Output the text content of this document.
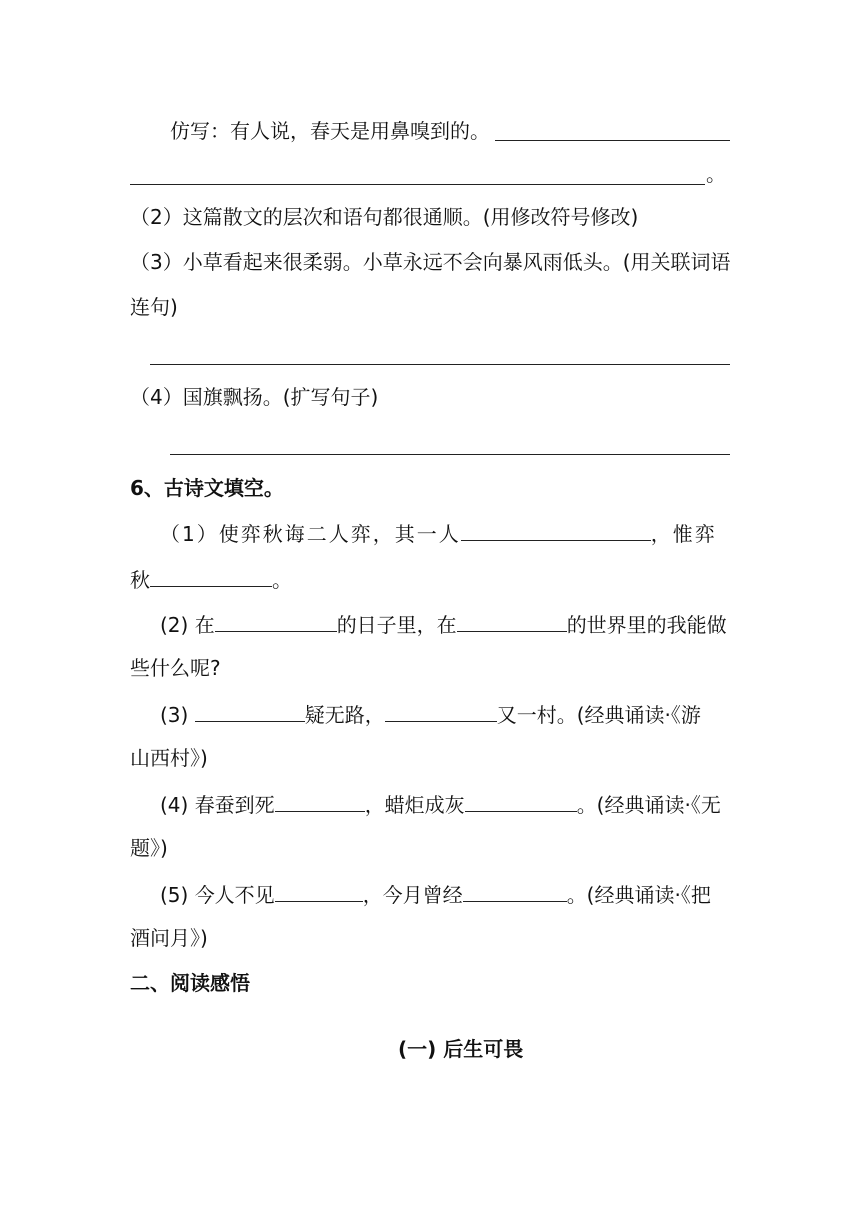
仿写：有人说，春天是用鼻嗅到的。
。
（2）这篇散文的层次和语句都很通顺。(用修改符号修改)
（3）小草看起来很柔弱。小草永远不会向暴风雨低头。(用关联词语
连句)
（4）国旗飘扬。(扩写句子)
6、古诗文填空。
（1）使弈秋诲二人弈，其一人	，惟弈
秋	。
(2) 在	的日子里，在	的世界里的我能做
些什么呢?
(3)	疑无路，	又一村。(经典诵读·《游
山西村》)
(4) 春蚕到死	，蜡炬成灰	。(经典诵读·《无
题》)
(5) 今人不见	，今月曾经	。(经典诵读·《把
酒问月》)
二、阅读感悟
(一) 后生可畏
